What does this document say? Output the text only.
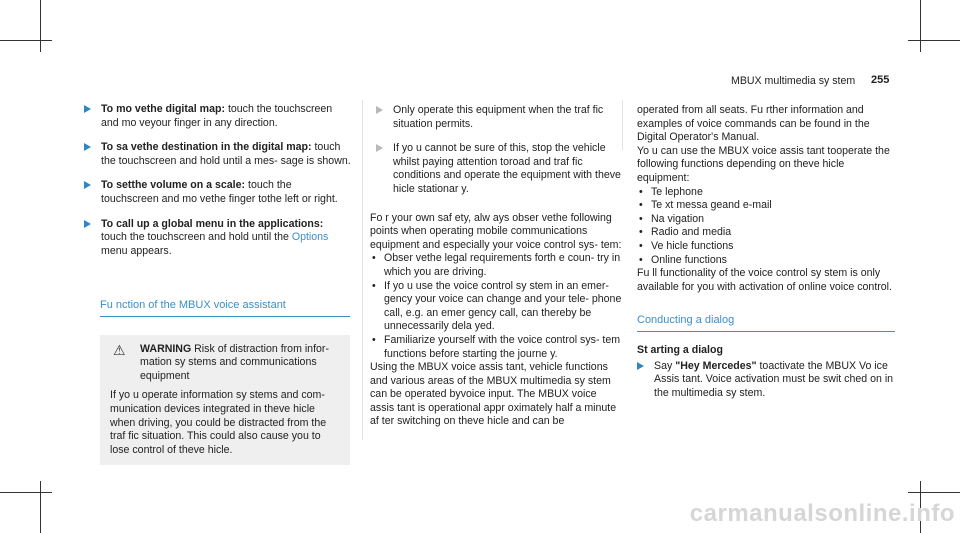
MBUX multimedia sy stem 255
To mo vethe digital map: touch the touchscreen and mo veyour finger in any direction.
To sa vethe destination in the digital map: touch the touchscreen and hold until a mes‐ sage is shown.
To setthe volume on a scale: touch the touchscreen and mo vethe finger tothe left or right.
To call up a global menu in the applications: touch the touchscreen and hold until the Options menu appears.
Fu nction of the MBUX voice assistant
⚠ WARNING Risk of distraction from infor‐ mation sy stems and communications equipment

If yo u operate information sy stems and com‐ munication devices integrated in theve hicle when driving, you could be distracted from the traf fic situation. This could also cause you to lose control of theve hicle.

Only operate this equipment when the traf fic situation permits.
If yo u cannot be sure of this, stop the vehicle whilst paying attention toroad and traf fic conditions and operate the equipment with theve hicle stationar y.

Fo r your own saf ety, alw ays obser vethe following points when operating mobile communications equipment and especially your voice control sys‐ tem:

• Obser vethe legal requirements forth e coun‐ try in which you are driving.
• If yo u use the voice control sy stem in an emer‐ gency your voice can change and your tele‐ phone call, e.g. an emer gency call, can thereby be unnecessarily dela yed.
• Familiarize yourself with the voice control sys‐ tem functions before starting the journe y.

Using the MBUX voice assis tant, vehicle functions and various areas of the MBUX multimedia sy stem can be operated byvoice input. The MBUX voice assis tant is operational appr oximately half a minute af ter switching on theve hicle and can be

operated from all seats. Fu rther information and examples of voice commands can be found in the Digital Operator's Manual.

Yo u can use the MBUX voice assis tant tooperate the following functions depending on theve hicle equipment:

• Te lephone
• Te xt messa geand e‑mail
• Na vigation
• Radio and media
• Ve hicle functions
• Online functions

Fu ll functionality of the voice control sy stem is only available for you with activation of online voice control.

Conducting a dialog

St arting a dialog

Say "Hey Mercedes" toactivate the MBUX Vo ice Assis tant. Voice activation must be swit ched on in the multimedia sy stem.
carmanualsonline.info
